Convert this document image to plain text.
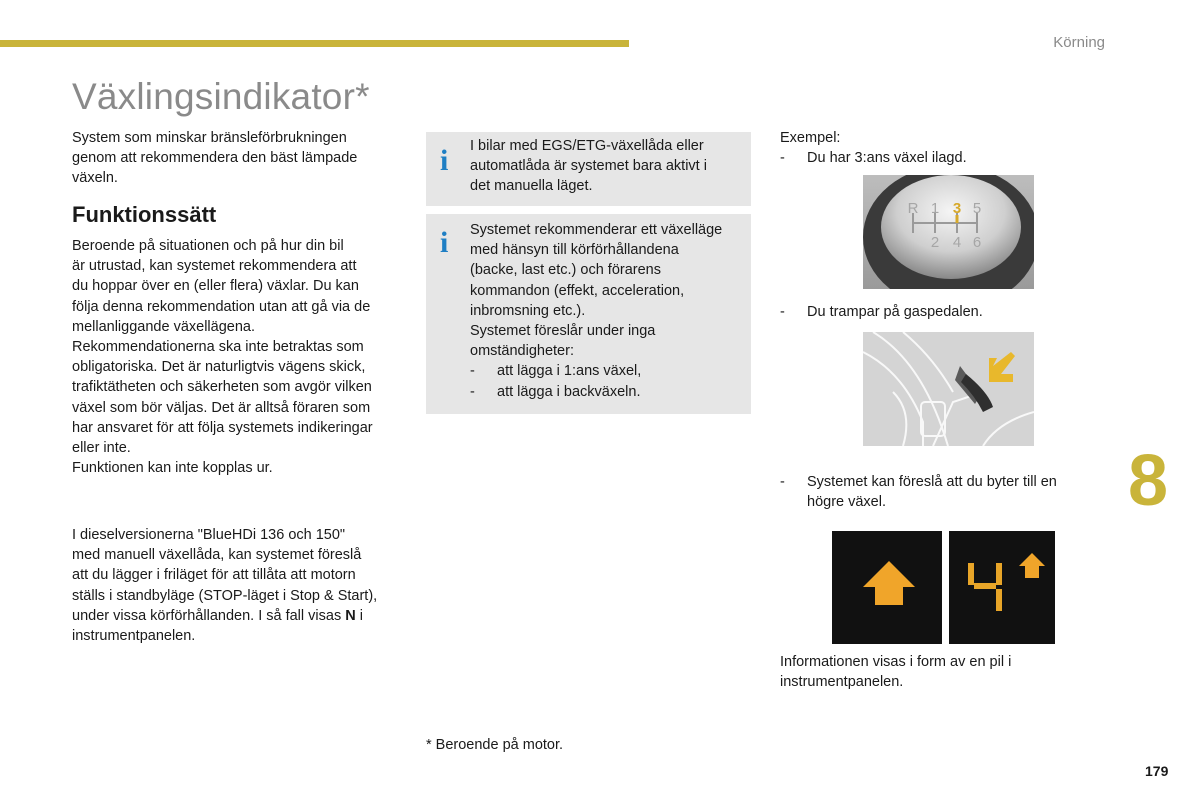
Körning
Växlingsindikator*
System som minskar bränsleförbrukningen
genom att rekommendera den bäst lämpade
växeln.
Funktionssätt
Beroende på situationen och på hur din bil
är utrustad, kan systemet rekommendera att
du hoppar över en (eller flera) växlar. Du kan
följa denna rekommendation utan att gå via de
mellanliggande växellägena.
Rekommendationerna ska inte betraktas som
obligatoriska. Det är naturligtvis vägens skick,
trafiktätheten och säkerheten som avgör vilken
växel som bör väljas. Det är alltså föraren som
har ansvaret för att följa systemets indikeringar
eller inte.
Funktionen kan inte kopplas ur.
I dieselversionerna "BlueHDi 136 och 150"
med manuell växellåda, kan systemet föreslå
att du lägger i friläget för att tillåta att motorn
ställs i standbyläge (STOP-läget i Stop & Start),
under vissa körförhållanden. I så fall visas N i
instrumentpanelen.
i I bilar med EGS/ETG-växellåda eller
automatlåda är systemet bara aktivt i
det manuella läget.
i Systemet rekommenderar ett växelläge
med hänsyn till körförhållandena
(backe, last etc.) och förarens
kommandon (effekt, acceleration,
inbromsning etc.).
Systemet föreslår under inga
omständigheter:
-	att lägga i 1:ans växel,
-	att lägga i backväxeln.
Exempel:
-	Du har 3:ans växel ilagd.
R 1 3 5
2 4 6
-	Du trampar på gaspedalen.
-	Systemet kan föreslå att du byter till en
högre växel.
Informationen visas i form av en pil i
instrumentpanelen.
* Beroende på motor.
8
179
